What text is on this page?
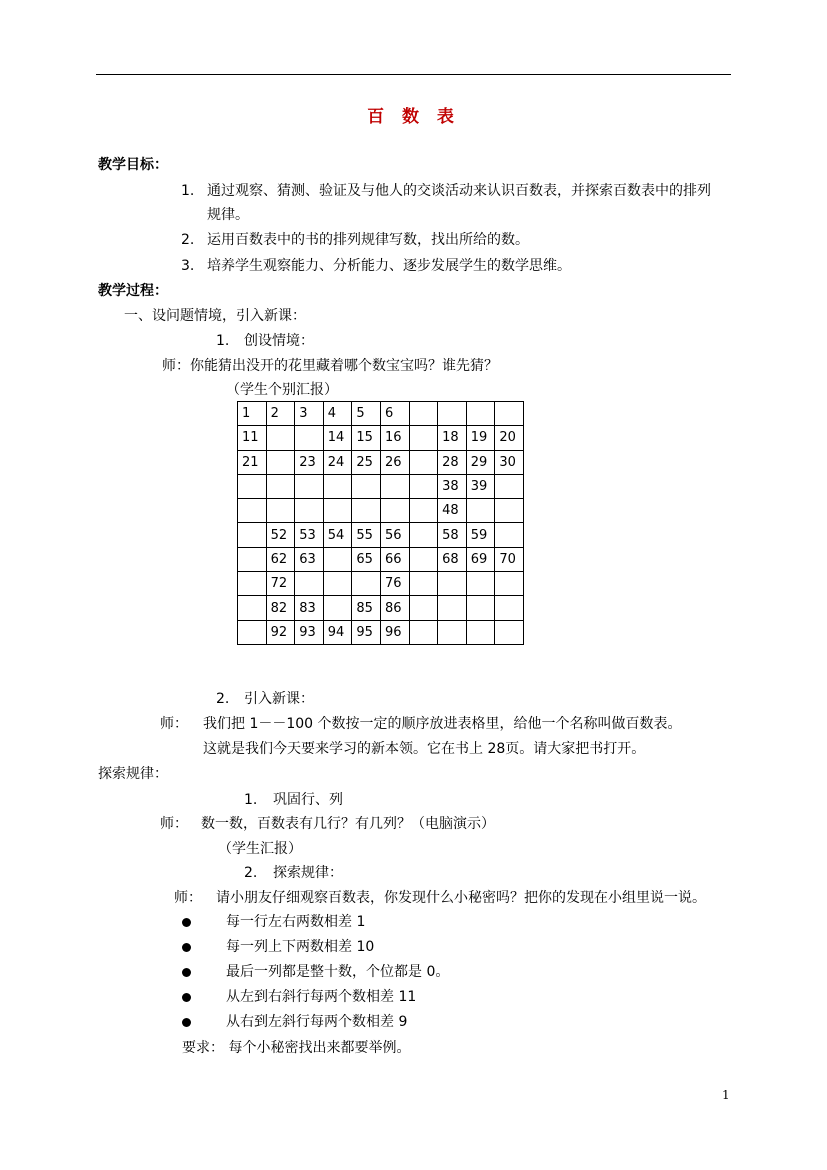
百 数 表
教学目标：
1. 通过观察、猜测、验证及与他人的交谈活动来认识百数表，并探索百数表中的排列
规律。
2. 运用百数表中的书的排列规律写数，找出所给的数。
3. 培养学生观察能力、分析能力、逐步发展学生的数学思维。
教学过程：
一、设问题情境，引入新课：
1. 创设情境：
师：你能猜出没开的花里藏着哪个数宝宝吗？谁先猜？
（学生个别汇报）
1	2	3	4	5	6				
11			14	15	16		18	19	20
21		23	24	25	26		28	29	30
							38	39	
							48		
	52	53	54	55	56		58	59	
	62	63		65	66		68	69	70
	72				76				
	82	83		85	86				
	92	93	94	95	96				
2. 引入新课：
师： 我们把 1－－100 个数按一定的顺序放进表格里，给他一个名称叫做百数表。
这就是我们今天要来学习的新本领。它在书上 28页。请大家把书打开。
探索规律：
1. 巩固行、列
师： 数一数，百数表有几行？有几列？（电脑演示）
（学生汇报）
2. 探索规律：
师： 请小朋友仔细观察百数表，你发现什么小秘密吗？把你的发现在小组里说一说。
每一行左右两数相差 1
每一列上下两数相差 10
最后一列都是整十数，个位都是 0。
从左到右斜行每两个数相差 11
从右到左斜行每两个数相差 9
要求： 每个小秘密找出来都要举例。
1
